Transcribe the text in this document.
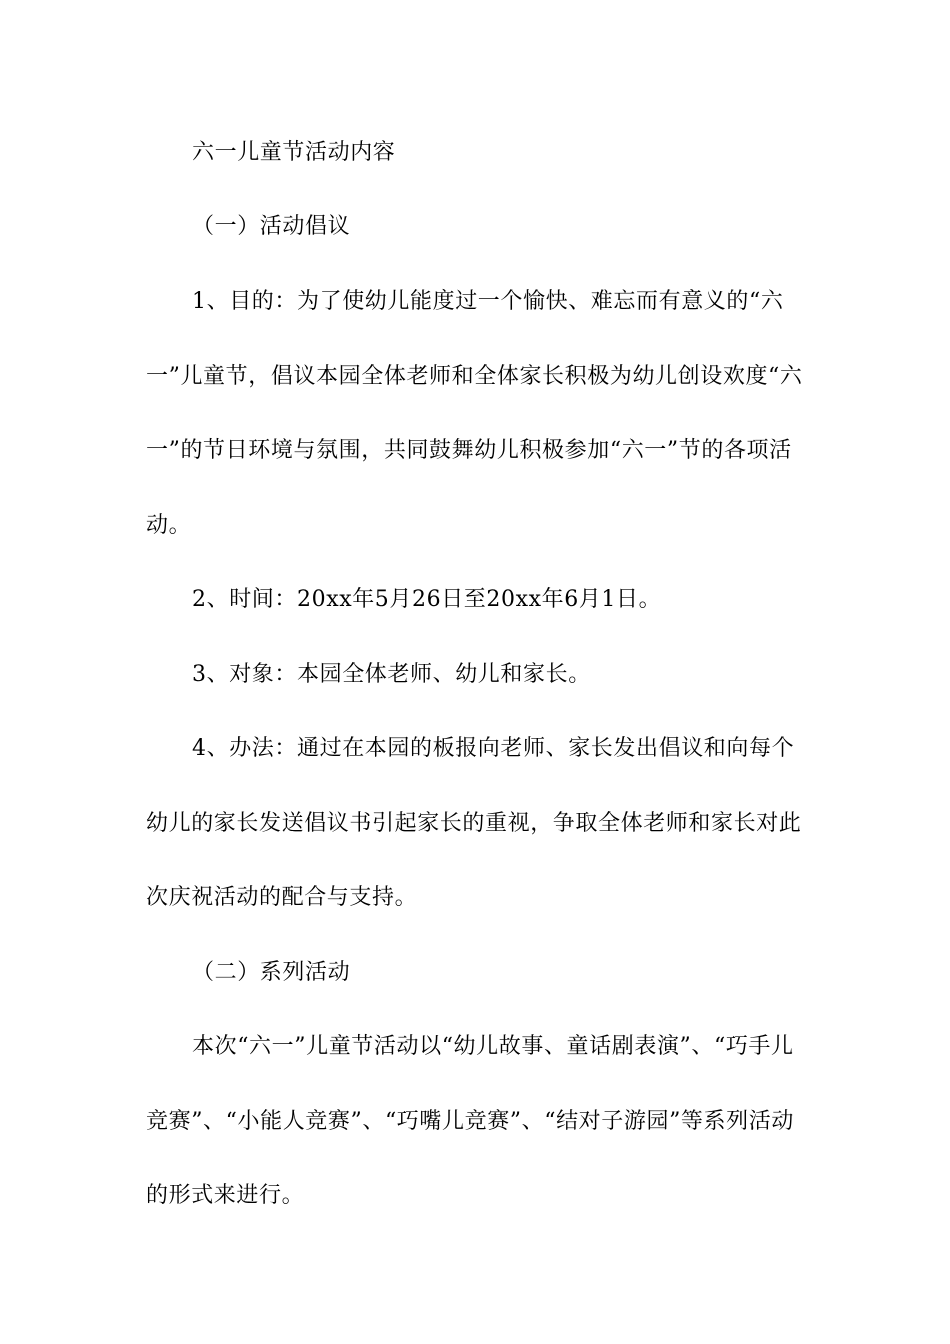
六一儿童节活动内容

（一）活动倡议

1、目的：为了使幼儿能度过一个愉快、难忘而有意义的“六一”儿童节，倡议本园全体老师和全体家长积极为幼儿创设欢度“六一”的节日环境与氛围，共同鼓舞幼儿积极参加“六一”节的各项活动。

2、时间：20xx年5月26日至20xx年6月1日。

3、对象：本园全体老师、幼儿和家长。

4、办法：通过在本园的板报向老师、家长发出倡议和向每个幼儿的家长发送倡议书引起家长的重视，争取全体老师和家长对此次庆祝活动的配合与支持。

（二）系列活动

本次“六一”儿童节活动以“幼儿故事、童话剧表演”、“巧手儿竞赛”、“小能人竞赛”、“巧嘴儿竞赛”、“结对子游园”等系列活动的形式来进行。
